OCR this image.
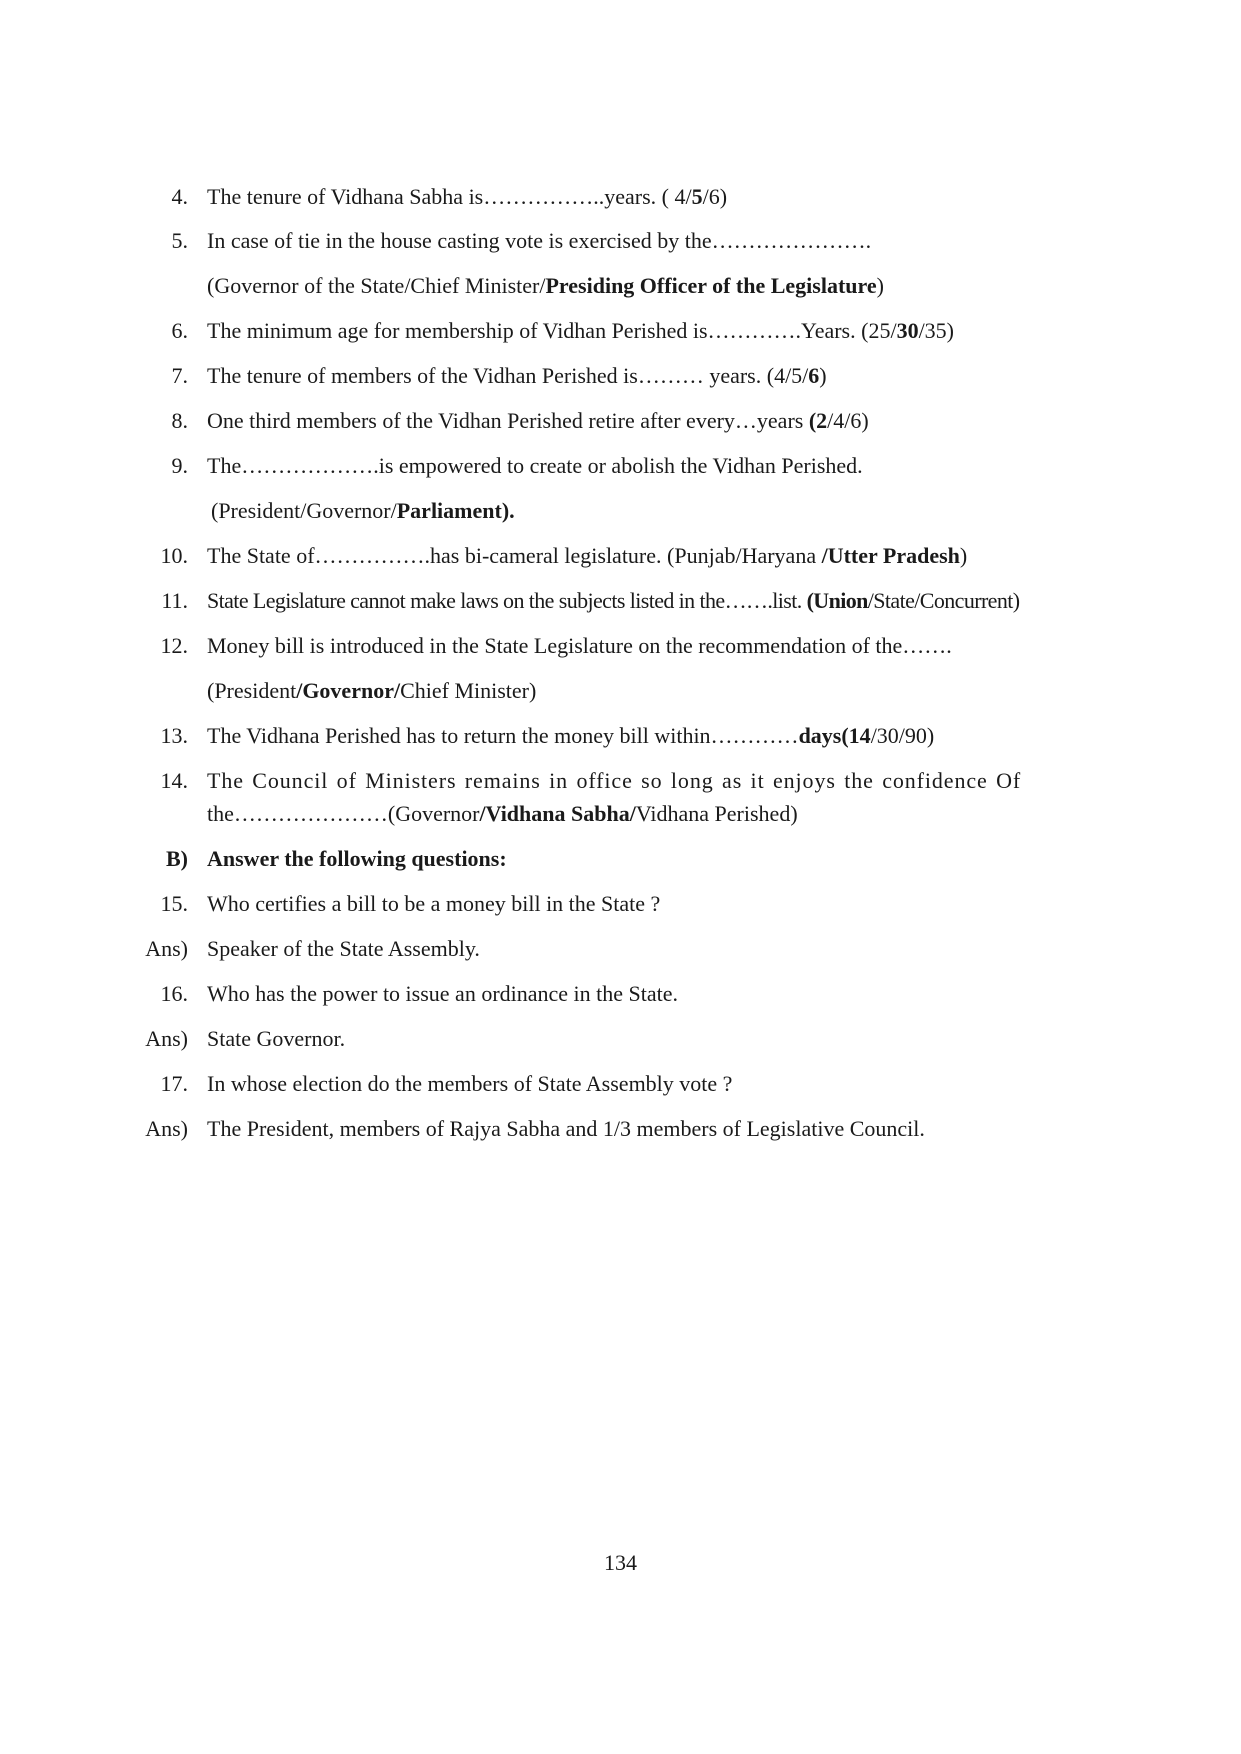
4. The tenure of Vidhana Sabha is……………..years. ( 4/5/6)
5. In case of tie in the house casting vote is exercised by the………………….
(Governor of the State/Chief Minister/Presiding Officer of the Legislature)
6. The minimum age for membership of Vidhan Perished is………….Years. (25/30/35)
7. The tenure of members of the Vidhan Perished is……… years. (4/5/6)
8. One third members of the Vidhan Perished retire after every…years (2/4/6)
9. The……………….is empowered to create or abolish the Vidhan Perished.
(President/Governor/Parliament).
10. The State of…………….has bi-cameral legislature. (Punjab/Haryana /Utter Pradesh)
11. State Legislature cannot make laws on the subjects listed in the…….list. (Union/State/Concurrent)
12. Money bill is introduced in the State Legislature on the recommendation of the…….
(President/Governor/Chief Minister)
13. The Vidhana Perished has to return the money bill within…………days(14/30/90)
14. The Council of Ministers remains in office so long as it enjoys the confidence Of
the…………………(Governor/Vidhana Sabha/Vidhana Perished)
B) Answer the following questions:
15. Who certifies a bill to be a money bill in the State ?
Ans) Speaker of the State Assembly.
16. Who has the power to issue an ordinance in the State.
Ans) State Governor.
17. In whose election do the members of State Assembly vote ?
Ans) The President, members of Rajya Sabha and 1/3 members of Legislative Council.
134
